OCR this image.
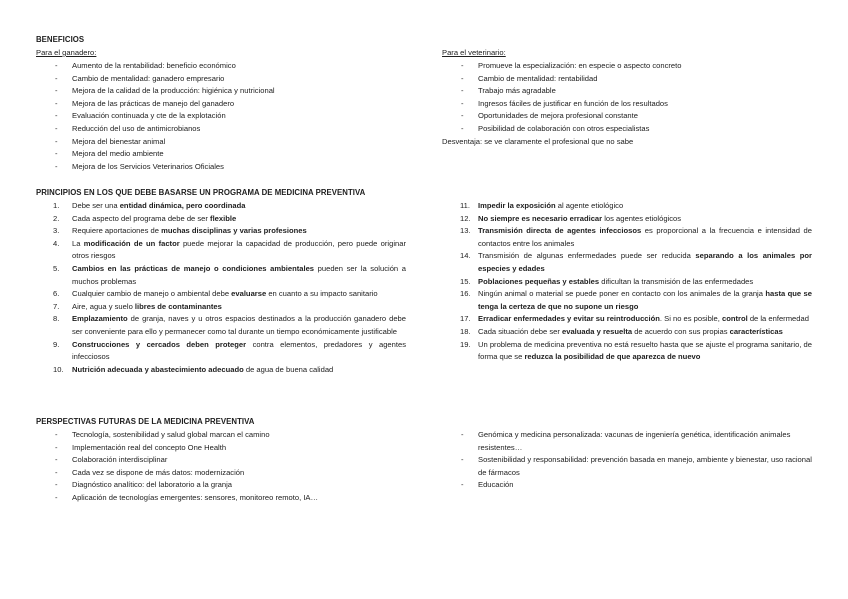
BENEFICIOS
Para el ganadero:
- Aumento de la rentabilidad: beneficio económico
- Cambio de mentalidad: ganadero empresario
- Mejora de la calidad de la producción: higiénica y nutricional
- Mejora de las prácticas de manejo del ganadero
- Evaluación continuada y cte de la explotación
- Reducción del uso de antimicrobianos
- Mejora del bienestar animal
- Mejora del medio ambiente
- Mejora de los Servicios Veterinarios Oficiales
Para el veterinario:
- Promueve la especialización: en especie o aspecto concreto
- Cambio de mentalidad: rentabilidad
- Trabajo más agradable
- Ingresos fáciles de justificar en función de los resultados
- Oportunidades de mejora profesional constante
- Posibilidad de colaboración con otros especialistas
Desventaja: se ve claramente el profesional que no sabe
PRINCIPIOS EN LOS QUE DEBE BASARSE UN PROGRAMA DE MEDICINA PREVENTIVA
1. Debe ser una entidad dinámica, pero coordinada
2. Cada aspecto del programa debe de ser flexible
3. Requiere aportaciones de muchas disciplinas y varias profesiones
4. La modificación de un factor puede mejorar la capacidad de producción, pero puede originar otros riesgos
5. Cambios en las prácticas de manejo o condiciones ambientales pueden ser la solución a muchos problemas
6. Cualquier cambio de manejo o ambiental debe evaluarse en cuanto a su impacto sanitario
7. Aire, agua y suelo libres de contaminantes
8. Emplazamiento de granja, naves y u otros espacios destinados a la producción ganadero debe ser conveniente para ello y permanecer como tal durante un tiempo económicamente justificable
9. Construcciones y cercados deben proteger contra elementos, predadores y agentes infecciosos
10. Nutrición adecuada y abastecimiento adecuado de agua de buena calidad
11. Impedir la exposición al agente etiológico
12. No siempre es necesario erradicar los agentes etiológicos
13. Transmisión directa de agentes infecciosos es proporcional a la frecuencia e intensidad de contactos entre los animales
14. Transmisión de algunas enfermedades puede ser reducida separando a los animales por especies y edades
15. Poblaciones pequeñas y estables dificultan la transmisión de las enfermedades
16. Ningún animal o material se puede poner en contacto con los animales de la granja hasta que se tenga la certeza de que no supone un riesgo
17. Erradicar enfermedades y evitar su reintroducción. Si no es posible, control de la enfermedad
18. Cada situación debe ser evaluada y resuelta de acuerdo con sus propias características
19. Un problema de medicina preventiva no está resuelto hasta que se ajuste el programa sanitario, de forma que se reduzca la posibilidad de que aparezca de nuevo
PERSPECTIVAS FUTURAS DE LA MEDICINA PREVENTIVA
- Tecnología, sostenibilidad y salud global marcan el camino
- Implementación real del concepto One Health
- Colaboración interdisciplinar
- Cada vez se dispone de más datos: modernización
- Diagnóstico analítico: del laboratorio a la granja
- Aplicación de tecnologías emergentes: sensores, monitoreo remoto, IA…
- Genómica y medicina personalizada: vacunas de ingeniería genética, identificación animales resistentes…
- Sostenibilidad y responsabilidad: prevención basada en manejo, ambiente y bienestar, uso racional de fármacos
- Educación
